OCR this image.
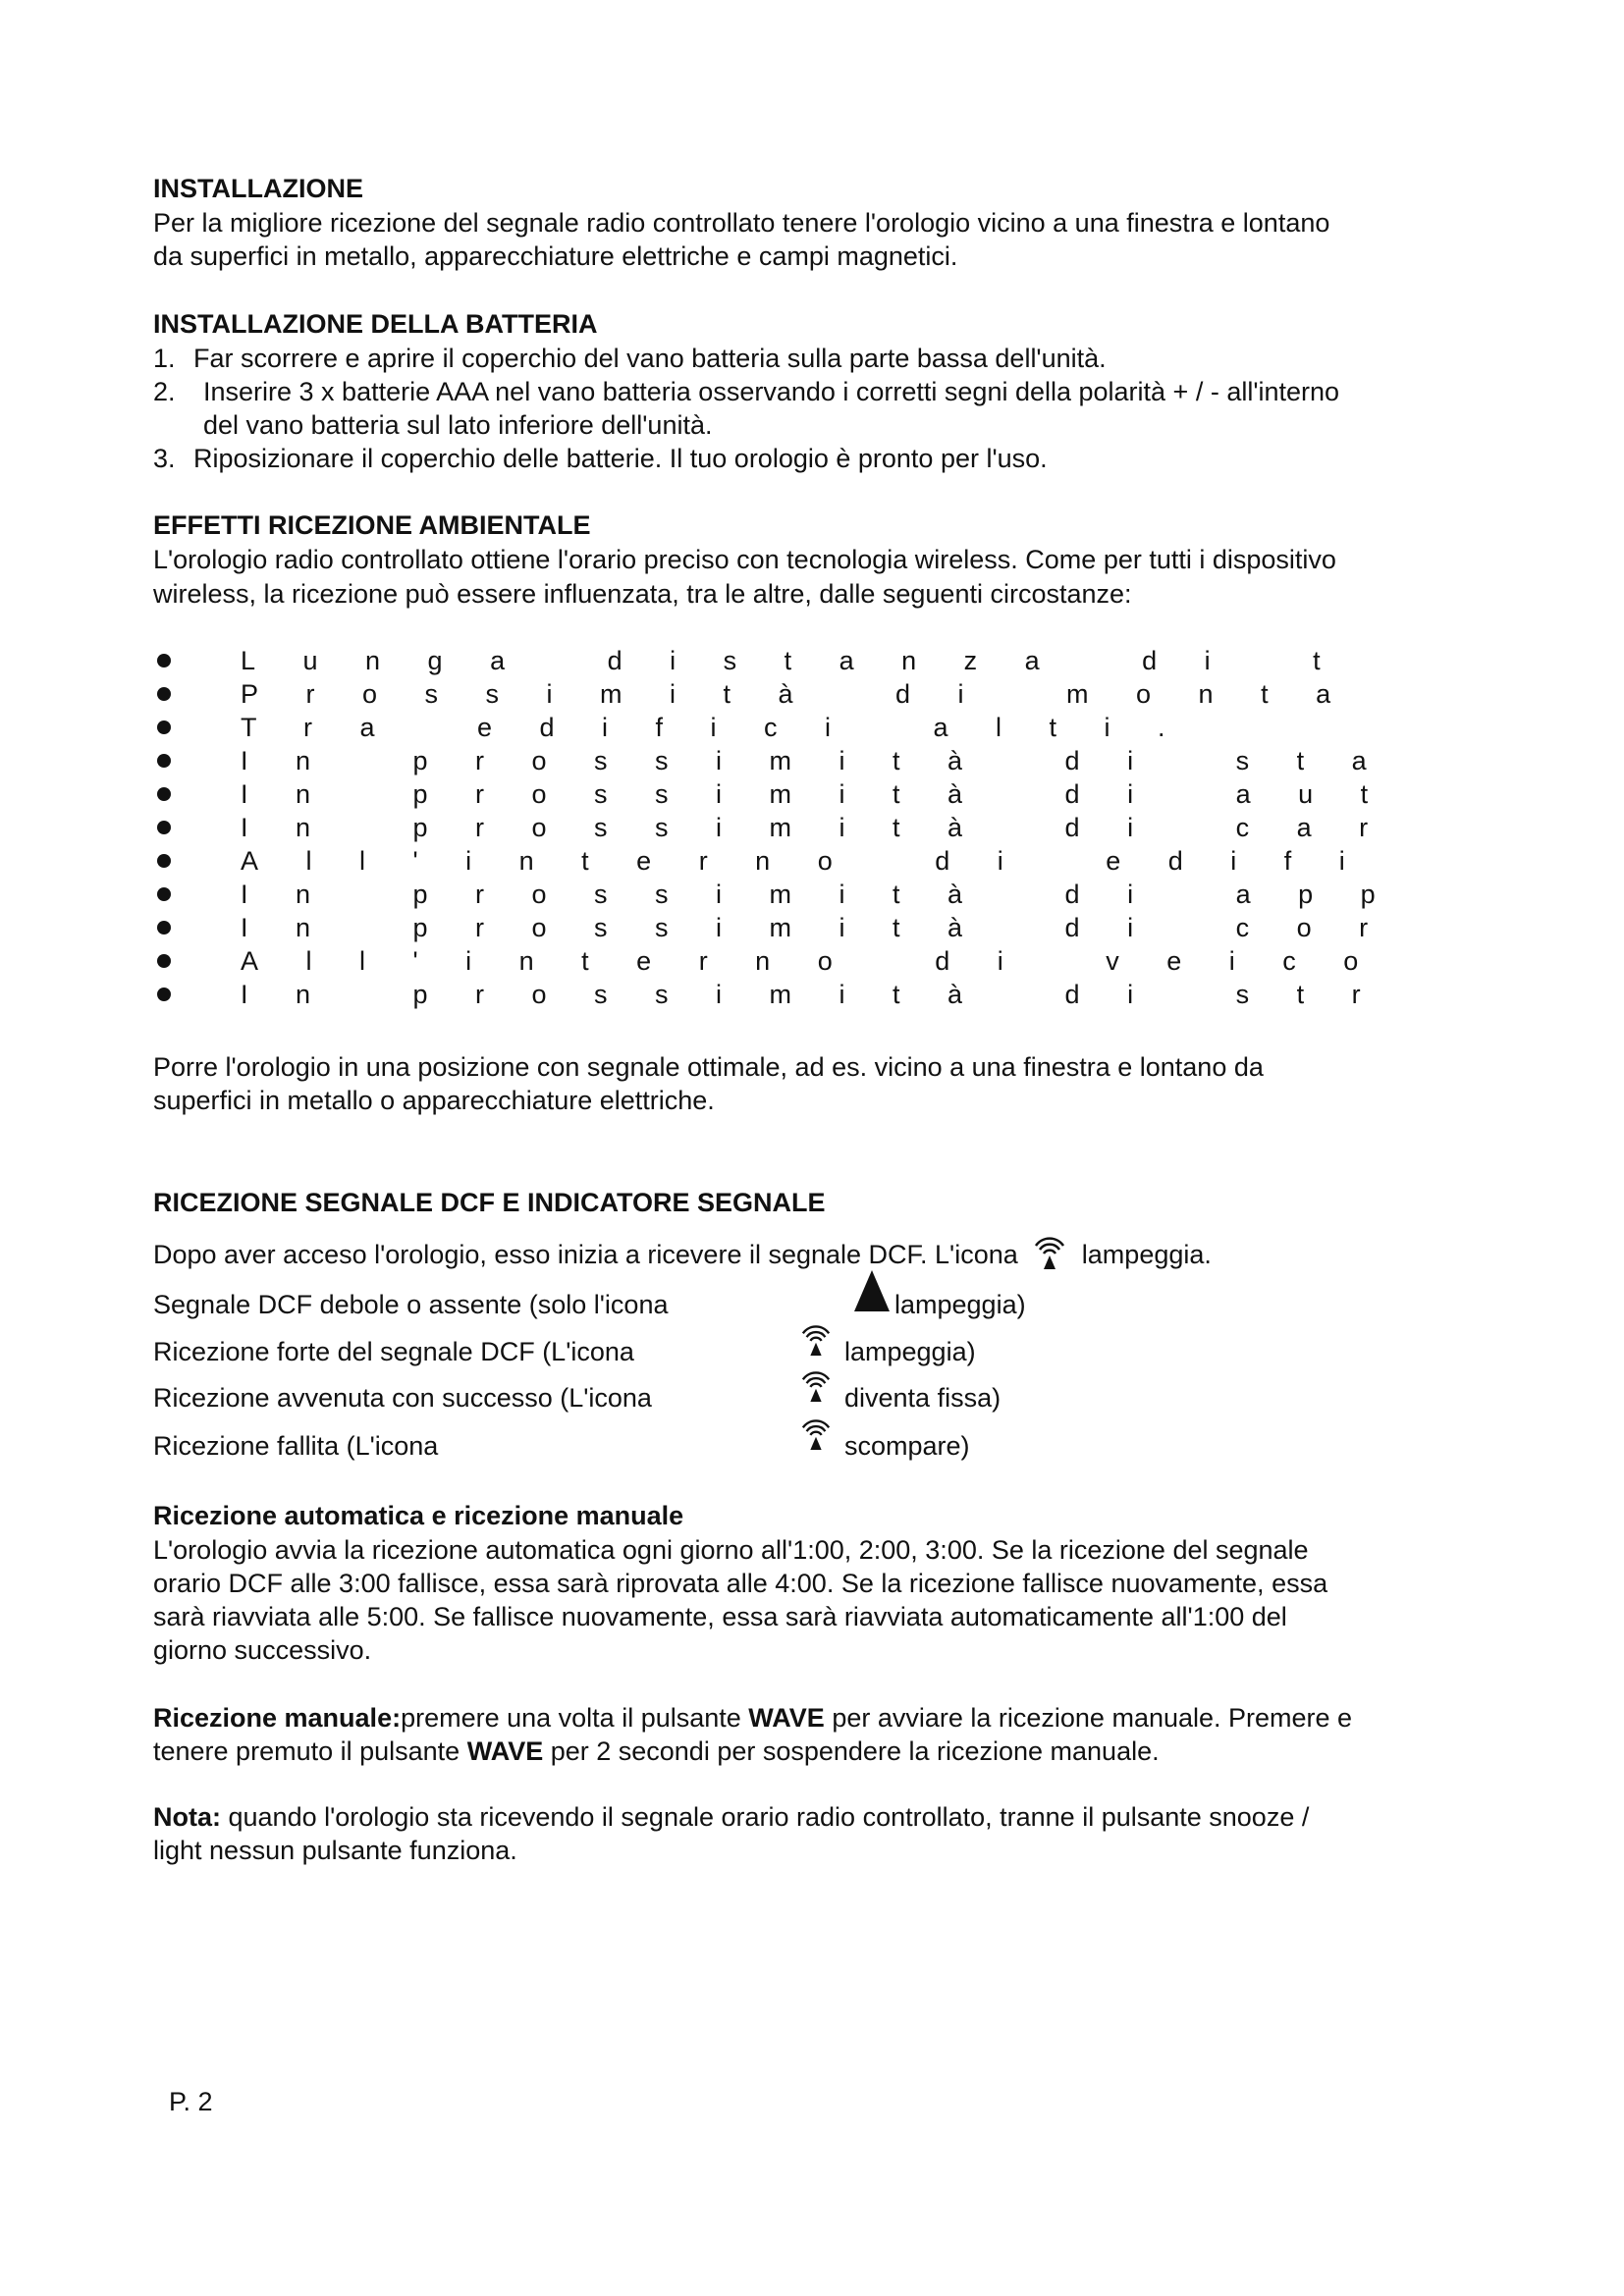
INSTALLAZIONE
Per la migliore ricezione del segnale radio controllato tenere l'orologio vicino a una finestra e lontano
da superfici in metallo, apparecchiature elettriche e campi magnetici.
INSTALLAZIONE DELLA BATTERIA
1. Far scorrere e aprire il coperchio del vano batteria sulla parte bassa dell'unità.
2. Inserire 3 x batterie AAA nel vano batteria osservando i corretti segni della polarità + / - all'interno
del vano batteria sul lato inferiore dell'unità.
3. Riposizionare il coperchio delle batterie. Il tuo orologio è pronto per l'uso.
EFFETTI RICEZIONE AMBIENTALE
L'orologio radio controllato ottiene l'orario preciso con tecnologia wireless. Come per tutti i dispositivo
wireless, la ricezione può essere influenzata, tra le altre, dalle seguenti circostanze:
Lunga distanza di t
Prossimità di monta
Tra edifici alti.
In prossimità di sta
In prossimità di aut
In prossimità di car
All'interno di edifi
In prossimità di app
In prossimità di cor
All'interno di veico
In prossimità di str
Porre l'orologio in una posizione con segnale ottimale, ad es. vicino a una finestra e lontano da
superfici in metallo o apparecchiature elettriche.
RICEZIONE SEGNALE DCF E INDICATORE SEGNALE
Dopo aver acceso l'orologio, esso inizia a ricevere il segnale DCF. L'icona lampeggia.
Segnale DCF debole o assente (solo l'icona	lampeggia)
Ricezione forte del segnale DCF (L'icona	lampeggia)
Ricezione avvenuta con successo (L'icona	diventa fissa)
Ricezione fallita (L'icona	scompare)
Ricezione automatica e ricezione manuale
L'orologio avvia la ricezione automatica ogni giorno all'1:00, 2:00, 3:00. Se la ricezione del segnale
orario DCF alle 3:00 fallisce, essa sarà riprovata alle 4:00. Se la ricezione fallisce nuovamente, essa
sarà riavviata alle 5:00. Se fallisce nuovamente, essa sarà riavviata automaticamente all'1:00 del
giorno successivo.
Ricezione manuale:premere una volta il pulsante WAVE per avviare la ricezione manuale. Premere e
tenere premuto il pulsante WAVE per 2 secondi per sospendere la ricezione manuale.
Nota: quando l'orologio sta ricevendo il segnale orario radio controllato, tranne il pulsante snooze /
light nessun pulsante funziona.
P. 2
